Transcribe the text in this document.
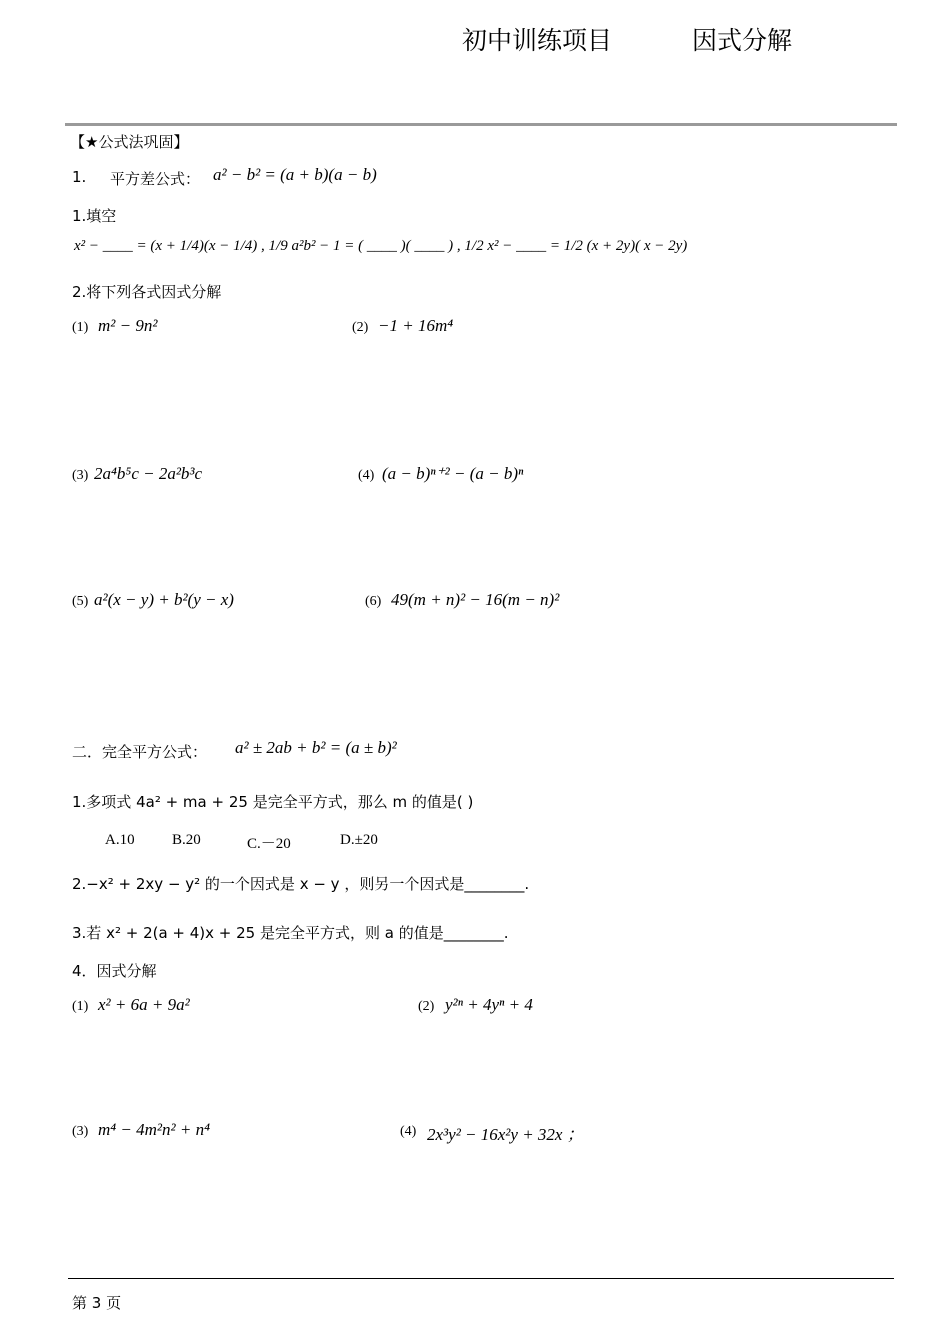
初中训练项目	因式分解
【★公式法巩固】
1. 平方差公式： a² − b² = (a + b)(a − b)
1.填空
x² − ____ = (x + 1/4)(x − 1/4) , 1/9 a²b² − 1 = ( ____ )( ____ ) , 1/2 x² − ____ = 1/2 (x + 2y)( x − 2y)
2.将下列各式因式分解
(1) m² − 9n²	(2) −1 + 16m⁴
(3) 2a⁴b⁵c − 2a²b³c	(4) (a − b)ⁿ⁺² − (a − b)ⁿ
(5) a²(x − y) + b²(y − x)	(6) 49(m + n)² − 16(m − n)²
二．完全平方公式： a² ± 2ab + b² = (a ± b)²
1.多项式 4a² + ma + 25 是完全平方式，那么 m 的值是( )
A.10 B.20	C.－20	D.±20
2.−x² + 2xy − y² 的一个因式是 x − y ，则另一个因式是________.
3.若 x² + 2(a + 4)x + 25 是完全平方式，则 a 的值是________.
4．因式分解
(1) x² + 6a + 9a²	(2) y²ⁿ + 4yⁿ + 4
(3) m⁴ − 4m²n² + n⁴	(4) 2x³y² − 16x²y + 32x ；
第 3 页
